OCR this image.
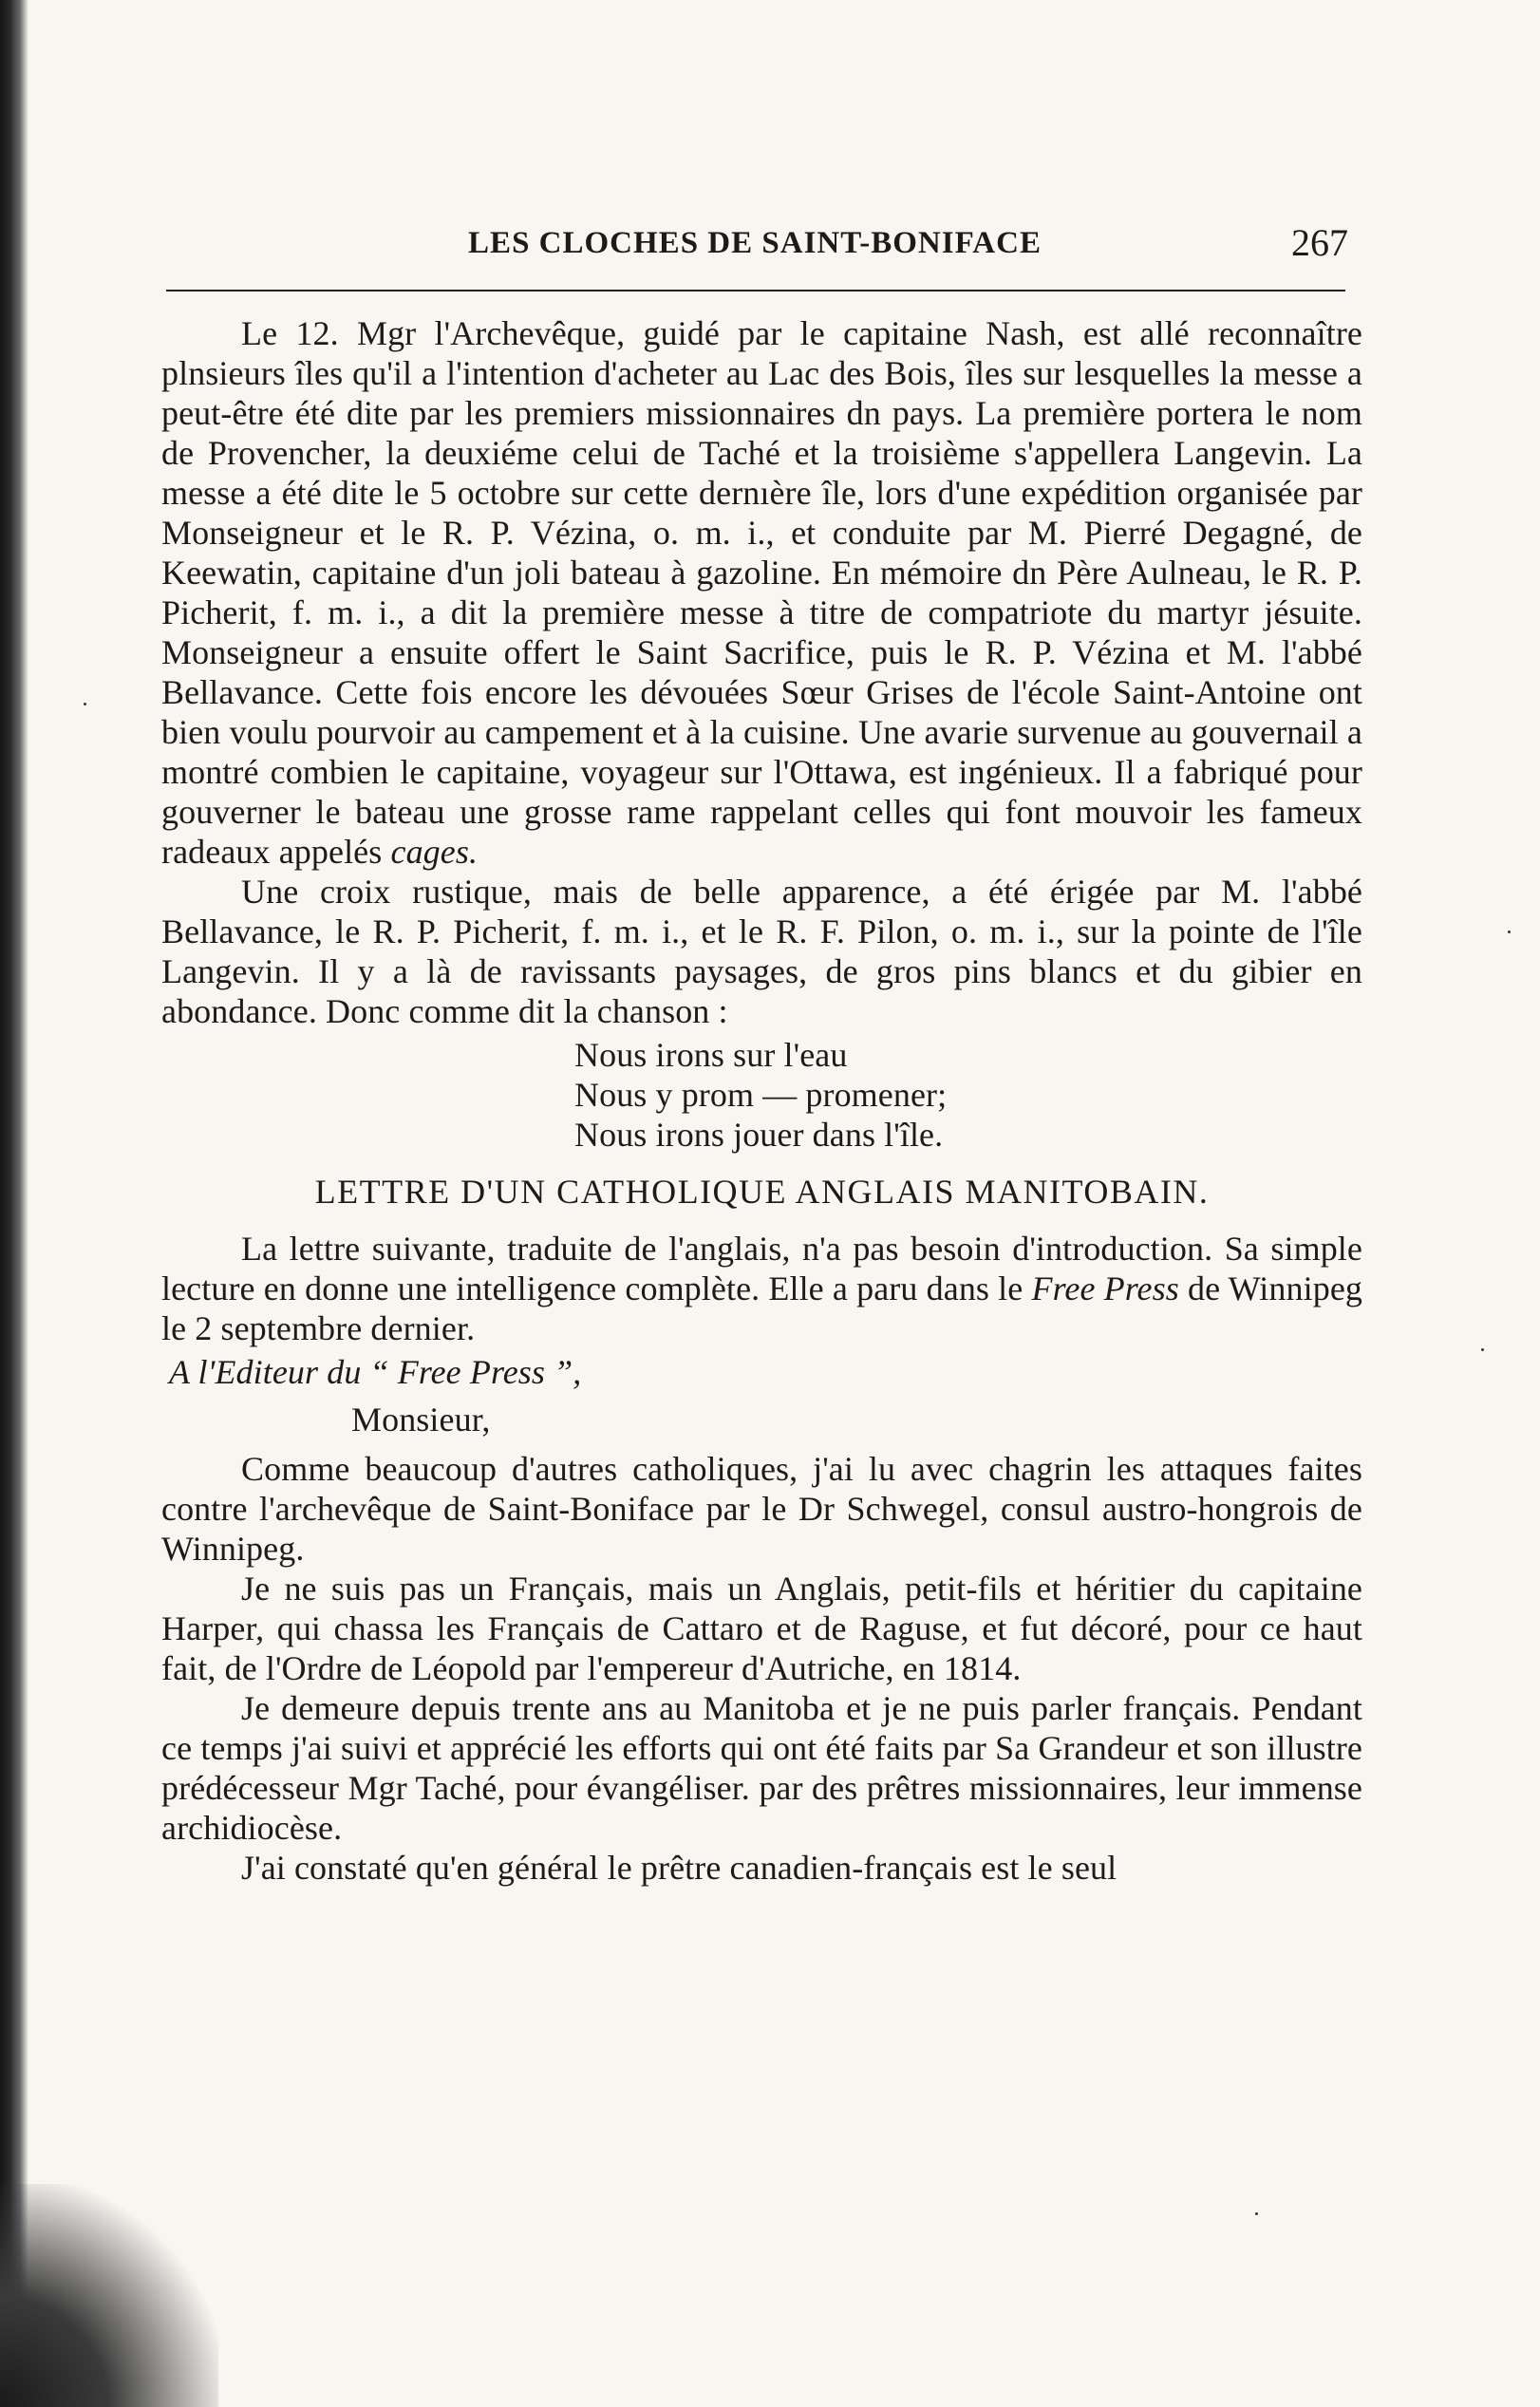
LES CLOCHES DE SAINT-BONIFACE	267

Le 12. Mgr l'Archevêque, guidé par le capitaine Nash, est allé reconnaître plnsieurs îles qu'il a l'intention d'acheter au Lac des Bois, îles sur lesquelles la messe a peut-être été dite par les premiers missionnaires dn pays. La première portera le nom de Provencher, la deuxiéme celui de Taché et la troisième s'appellera Langevin. La messe a été dite le 5 octobre sur cette dernıère île, lors d'une expédition organisée par Monseigneur et le R. P. Vézina, o. m. i., et conduite par M. Pierré Degagné, de Keewatin, capitaine d'un joli bateau à gazoline. En mémoire dn Père Aulneau, le R. P. Picherit, f. m. i., a dit la première messe à titre de compatriote du martyr jésuite. Monseigneur a ensuite offert le Saint Sacrifice, puis le R. P. Vézina et M. l'abbé Bellavance. Cette fois encore les dévouées Sœur Grises de l'école Saint-Antoine ont bien voulu pourvoir au campement et à la cuisine. Une avarie survenue au gouvernail a montré combien le capitaine, voyageur sur l'Ottawa, est ingénieux. Il a fabriqué pour gouverner le bateau une grosse rame rappelant celles qui font mouvoir les fameux radeaux appelés cages.

Une croix rustique, mais de belle apparence, a été érigée par M. l'abbé Bellavance, le R. P. Picherit, f. m. i., et le R. F. Pilon, o. m. i., sur la pointe de l'île Langevin. Il y a là de ravissants paysages, de gros pins blancs et du gibier en abondance. Donc comme dit la chanson :

Nous irons sur l'eau
Nous y prom — promener;
Nous irons jouer dans l'île.
LETTRE D'UN CATHOLIQUE ANGLAIS MANITOBAIN.

La lettre suivante, traduite de l'anglais, n'a pas besoin d'introduction. Sa simple lecture en donne une intelligence complète. Elle a paru dans le Free Press de Winnipeg le 2 septembre dernier.

A l'Editeur du “ Free Press ”,
Monsieur,

Comme beaucoup d'autres catholiques, j'ai lu avec chagrin les attaques faites contre l'archevêque de Saint-Boniface par le Dr Schwegel, consul austro-hongrois de Winnipeg.

Je ne suis pas un Français, mais un Anglais, petit-fils et héritier du capitaine Harper, qui chassa les Français de Cattaro et de Raguse, et fut décoré, pour ce haut fait, de l'Ordre de Léopold par l'empereur d'Autriche, en 1814.

Je demeure depuis trente ans au Manitoba et je ne puis parler français. Pendant ce temps j'ai suivi et apprécié les efforts qui ont été faits par Sa Grandeur et son illustre prédécesseur Mgr Taché, pour évangéliser. par des prêtres missionnaires, leur immense archidiocèse.

J'ai constaté qu'en général le prêtre canadien-français est le seul
